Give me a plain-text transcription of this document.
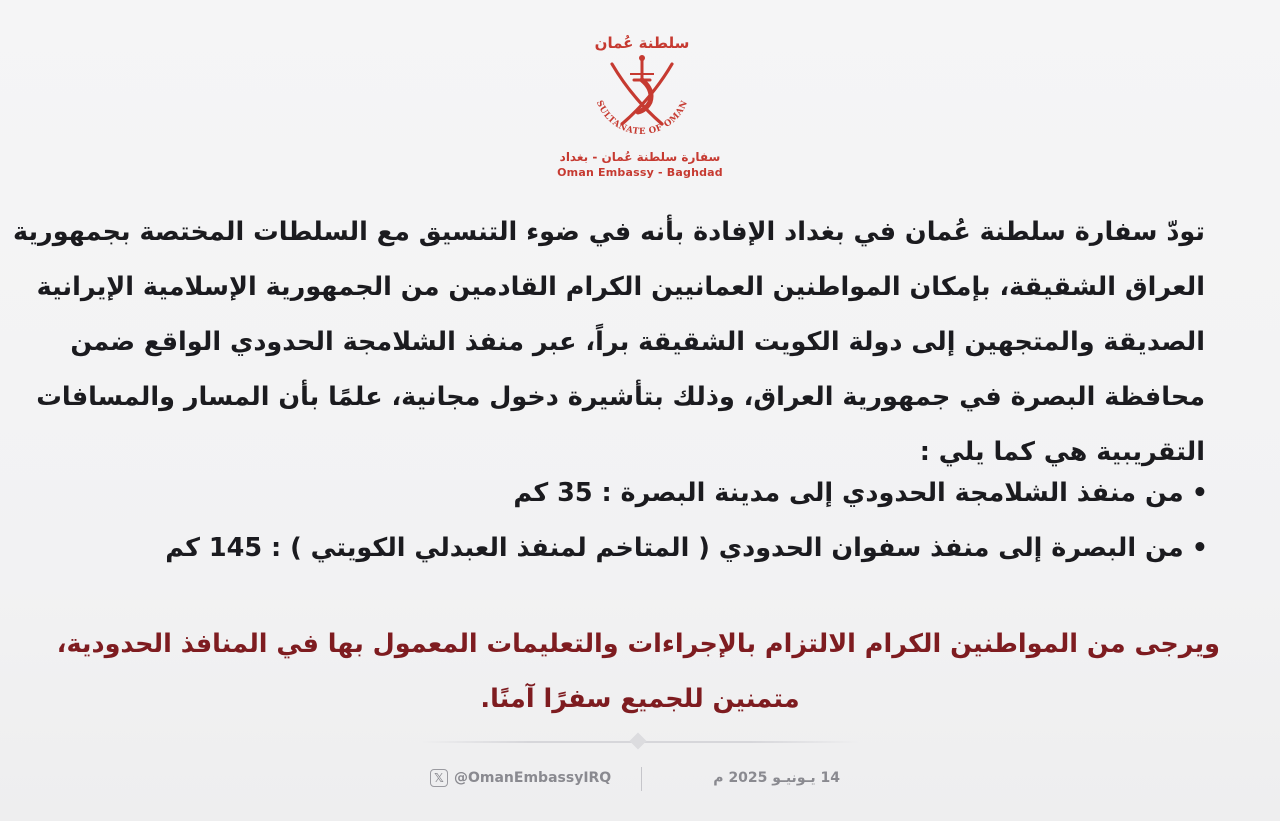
سلطنة عُمان
SULTANATE OF OMAN
سفارة سلطنة عُمان - بغداد
Oman Embassy - Baghdad
تودّ سفارة سلطنة عُمان في بغداد الإفادة بأنه في ضوء التنسيق مع السلطات المختصة بجمهورية
العراق الشقيقة، بإمكان المواطنين العمانيين الكرام القادمين من الجمهورية الإسلامية الإيرانية
الصديقة والمتجهين إلى دولة الكويت الشقيقة براً، عبر منفذ الشلامجة الحدودي الواقع ضمن
محافظة البصرة في جمهورية العراق، وذلك بتأشيرة دخول مجانية، علمًا بأن المسار والمسافات
التقريبية هي كما يلي :
•من منفذ الشلامجة الحدودي إلى مدينة البصرة : 35 كم
•من البصرة إلى منفذ سفوان الحدودي ( المتاخم لمنفذ العبدلي الكويتي ) : 145 كم
ويرجى من المواطنين الكرام الالتزام بالإجراءات والتعليمات المعمول بها في المنافذ الحدودية،
متمنين للجميع سفرًا آمنًا.
𝕏 @OmanEmbassyIRQ	14 يـونيـو 2025 م
